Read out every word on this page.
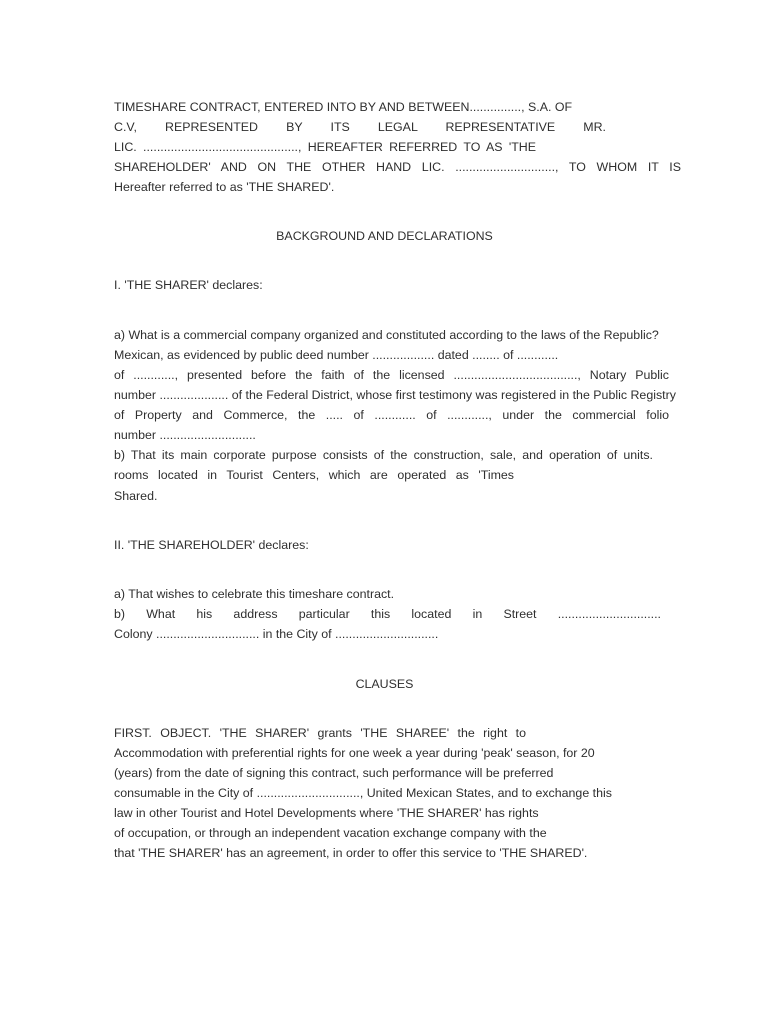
TIMESHARE CONTRACT, ENTERED INTO BY AND BETWEEN..............., S.A. OF
C.V, REPRESENTED BY ITS LEGAL REPRESENTATIVE MR.
LIC. ............................................., HEREAFTER REFERRED TO AS 'THE
SHAREHOLDER' AND ON THE OTHER HAND LIC. ............................., TO WHOM IT IS
Hereafter referred to as 'THE SHARED'.
BACKGROUND AND DECLARATIONS
I. 'THE SHARER' declares:
a) What is a commercial company organized and constituted according to the laws of the Republic?
Mexican, as evidenced by public deed number .................. dated ........ of ............
of ............, presented before the faith of the licensed ...................................., Notary Public
number .................... of the Federal District, whose first testimony was registered in the Public Registry
of Property and Commerce, the ..... of ............ of ............, under the commercial folio
number ............................
b) That its main corporate purpose consists of the construction, sale, and operation of units.
rooms located in Tourist Centers, which are operated as 'Times
Shared.
II. 'THE SHAREHOLDER' declares:
a) That wishes to celebrate this timeshare contract.
b) What his address particular this located in Street ..............................
Colony .............................. in the City of ..............................
CLAUSES
FIRST. OBJECT. 'THE SHARER' grants 'THE SHAREE' the right to
Accommodation with preferential rights for one week a year during 'peak' season, for 20
(years) from the date of signing this contract, such performance will be preferred
consumable in the City of .............................., United Mexican States, and to exchange this
law in other Tourist and Hotel Developments where 'THE SHARER' has rights
of occupation, or through an independent vacation exchange company with the
that 'THE SHARER' has an agreement, in order to offer this service to 'THE SHARED'.
